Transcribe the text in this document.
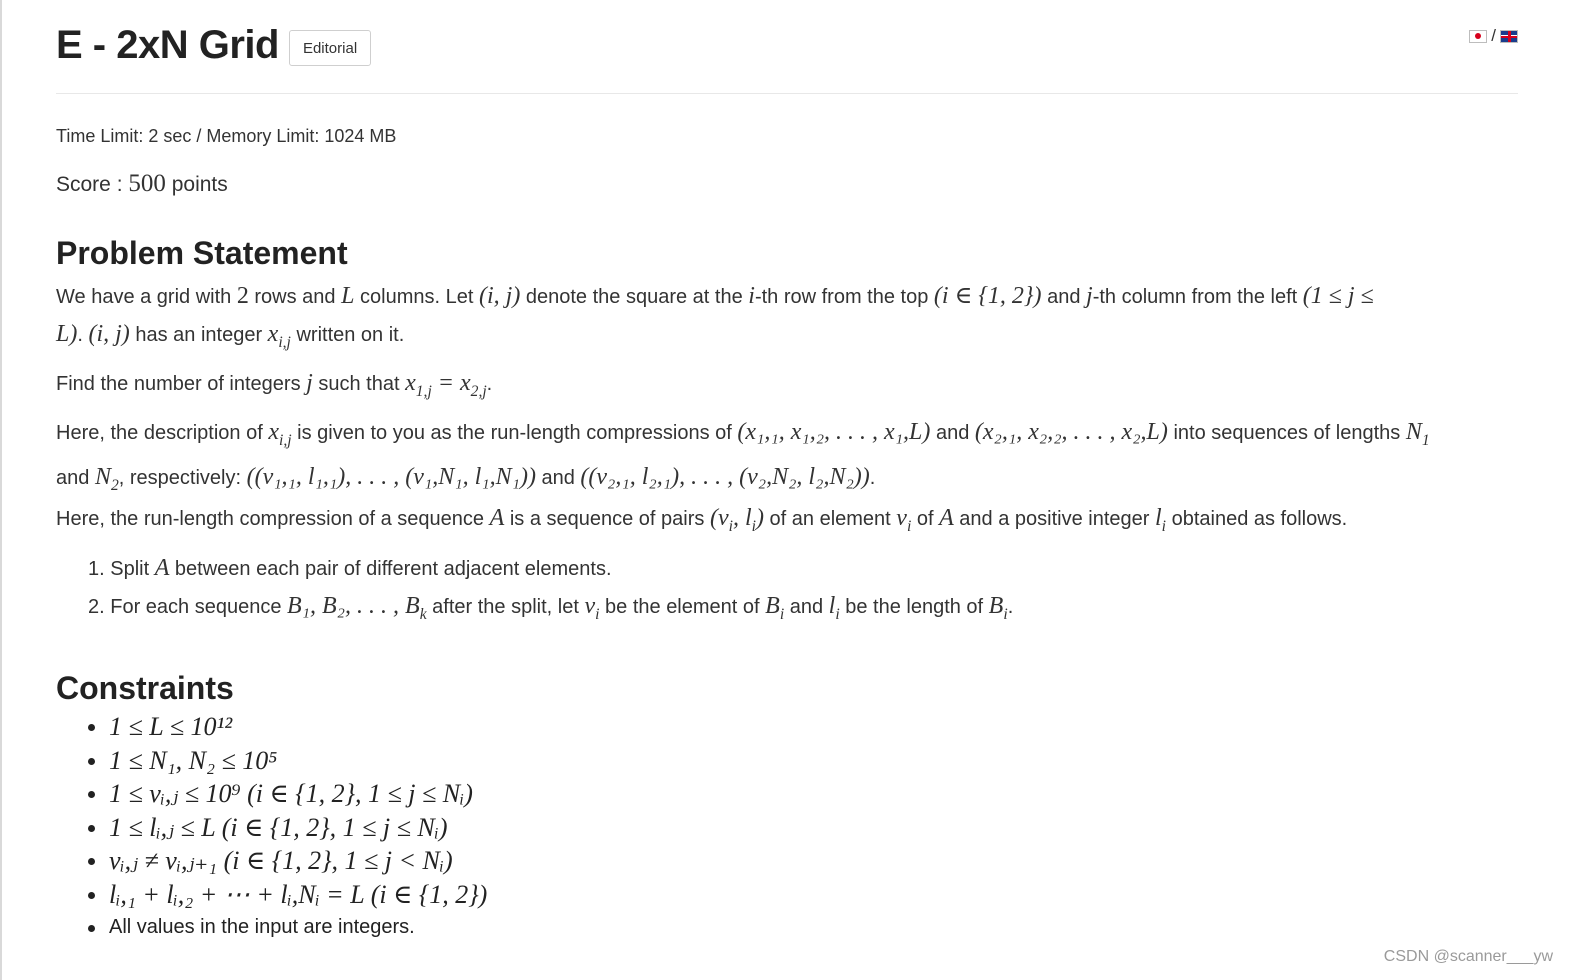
E - 2xN Grid	Editorial
/
Time Limit: 2 sec / Memory Limit: 1024 MB
Score : 500 points
Problem Statement
We have a grid with 2 rows and L columns. Let (i, j) denote the square at the i-th row from the top (i ∈ {1, 2}) and j-th column from the left (1 ≤ j ≤
L). (i, j) has an integer $x_{i,j}$ written on it.
Find the number of integers j such that $x_{1,j} = x_{2,j}$.
Here, the description of $x_{i,j}$ is given to you as the run-length compressions of (x₁,₁, x₁,₂, . . . , x₁,L) and (x₂,₁, x₂,₂, . . . , x₂,L) into sequences of lengths $N_1$
and $N_2$, respectively: ((v₁,₁, l₁,₁), . . . , (v₁,N₁, l₁,N₁)) and ((v₂,₁, l₂,₁), . . . , (v₂,N₂, l₂,N₂)).
Here, the run-length compression of a sequence A is a sequence of pairs ($v_i$, $l_i$) of an element $v_i$ of A and a positive integer $l_i$ obtained as follows.
1. Split A between each pair of different adjacent elements.
2. For each sequence B₁, B₂, . . . , $B_k$ after the split, let $v_i$ be the element of $B_i$ and $l_i$ be the length of $B_i$.
Constraints
1 ≤ L ≤ 10¹²
1 ≤ N₁, N₂ ≤ 10⁵
1 ≤ vᵢ,ⱼ ≤ 10⁹ (i ∈ {1, 2}, 1 ≤ j ≤ Nᵢ)
1 ≤ lᵢ,ⱼ ≤ L (i ∈ {1, 2}, 1 ≤ j ≤ Nᵢ)
vᵢ,ⱼ ≠ vᵢ,ⱼ₊₁ (i ∈ {1, 2}, 1 ≤ j < Nᵢ)
lᵢ,₁ + lᵢ,₂ + ⋯ + lᵢ,Nᵢ = L (i ∈ {1, 2})
All values in the input are integers.
CSDN @scanner___yw
